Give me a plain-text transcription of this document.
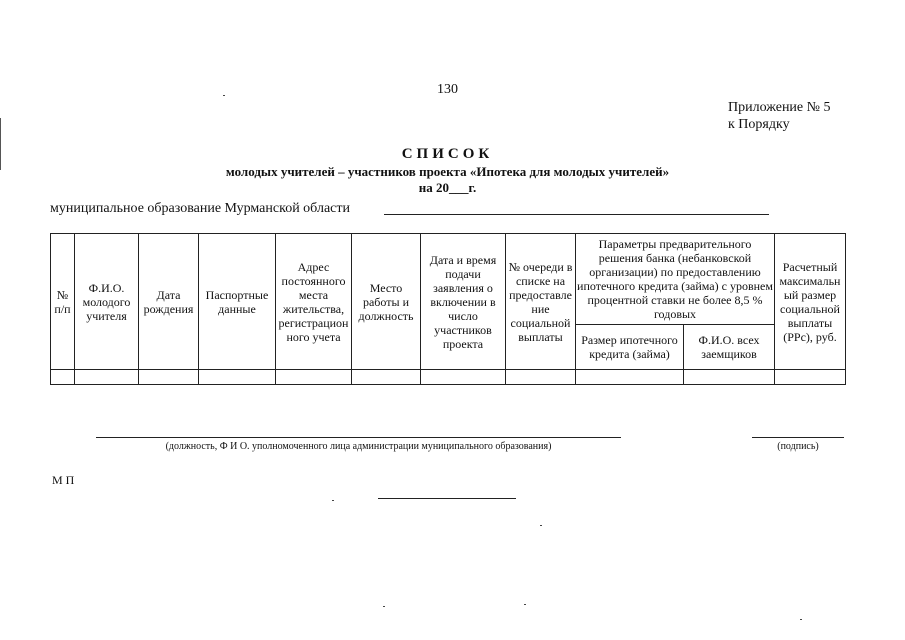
130
Приложение № 5
к Порядку
СПИСОК
молодых учителей – участников проекта «Ипотека для молодых учителей»
на 20___г.
муниципальное образование Мурманской области
№ п/п	Ф.И.О. молодого учителя	Дата рождения	Паспортные данные	Адрес постоянного места жительства, регистрационного учета	Место работы и должность	Дата и время подачи заявления о включении в число участников проекта	№ очереди в списке на предоставление социальной выплаты	Параметры предварительного решения банка (небанковской организации) по предоставлению ипотечного кредита (займа) с уровнем процентной ставки не более 8,5 % годовых		Расчетный максимальный размер социальной выплаты (РРс), руб.
								Размер ипотечного кредита (займа)	Ф.И.О. всех заемщиков	

(должность, Ф И О. уполномоченного лица администрации муниципального образования)	(подпись)
М П
